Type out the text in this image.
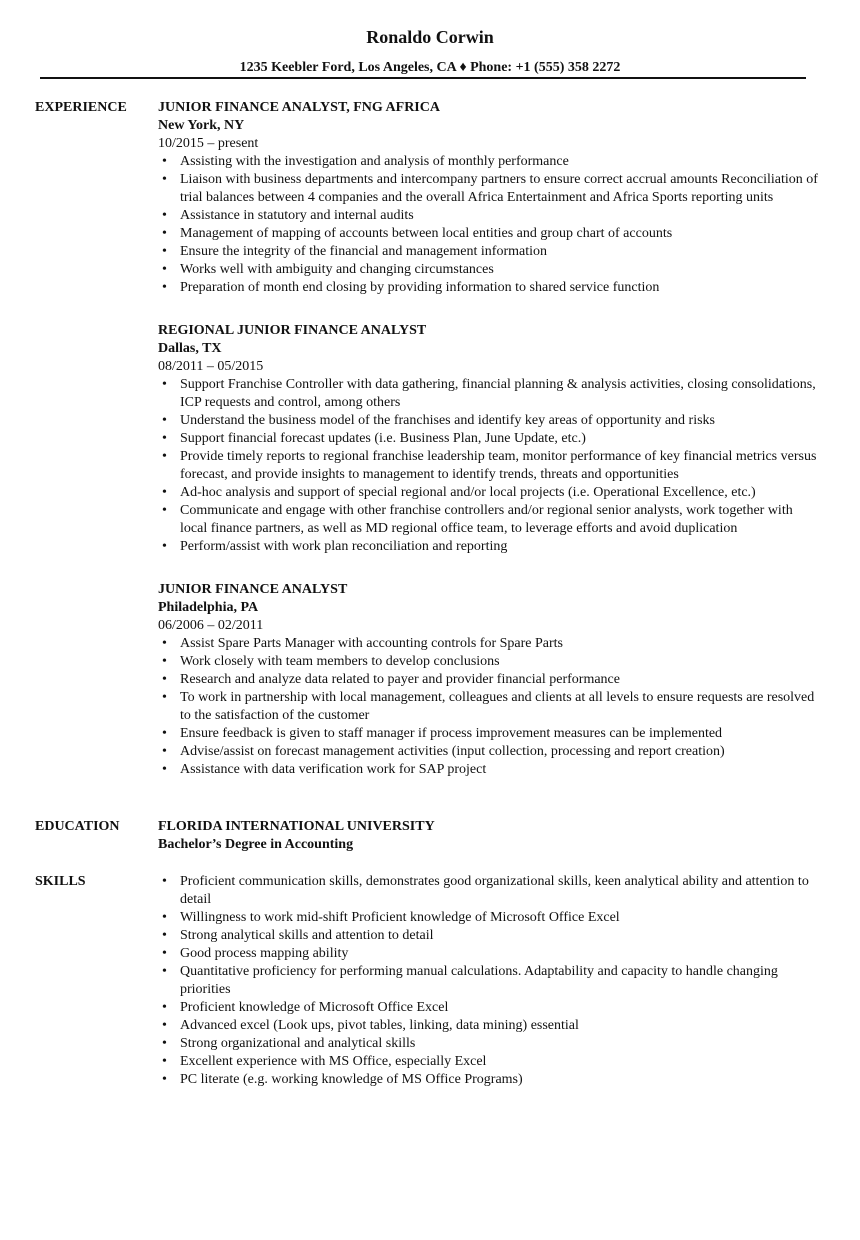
Ronaldo Corwin
1235 Keebler Ford, Los Angeles, CA ♦ Phone: +1 (555) 358 2272
EXPERIENCE JUNIOR FINANCE ANALYST, FNG AFRICA
New York, NY
10/2015 – present
• Assisting with the investigation and analysis of monthly performance
• Liaison with business departments and intercompany partners to ensure correct accrual amounts Reconciliation of trial balances between 4 companies and the overall Africa Entertainment and Africa Sports reporting units
• Assistance in statutory and internal audits
• Management of mapping of accounts between local entities and group chart of accounts
• Ensure the integrity of the financial and management information
• Works well with ambiguity and changing circumstances
• Preparation of month end closing by providing information to shared service function
REGIONAL JUNIOR FINANCE ANALYST
Dallas, TX
08/2011 – 05/2015
• Support Franchise Controller with data gathering, financial planning & analysis activities, closing consolidations, ICP requests and control, among others
• Understand the business model of the franchises and identify key areas of opportunity and risks
• Support financial forecast updates (i.e. Business Plan, June Update, etc.)
• Provide timely reports to regional franchise leadership team, monitor performance of key financial metrics versus forecast, and provide insights to management to identify trends, threats and opportunities
• Ad-hoc analysis and support of special regional and/or local projects (i.e. Operational Excellence, etc.)
• Communicate and engage with other franchise controllers and/or regional senior analysts, work together with local finance partners, as well as MD regional office team, to leverage efforts and avoid duplication
• Perform/assist with work plan reconciliation and reporting
JUNIOR FINANCE ANALYST
Philadelphia, PA
06/2006 – 02/2011
• Assist Spare Parts Manager with accounting controls for Spare Parts
• Work closely with team members to develop conclusions
• Research and analyze data related to payer and provider financial performance
• To work in partnership with local management, colleagues and clients at all levels to ensure requests are resolved to the satisfaction of the customer
• Ensure feedback is given to staff manager if process improvement measures can be implemented
• Advise/assist on forecast management activities (input collection, processing and report creation)
• Assistance with data verification work for SAP project
EDUCATION	FLORIDA INTERNATIONAL UNIVERSITY
Bachelor’s Degree in Accounting
SKILLS
•	Proficient communication skills, demonstrates good organizational skills, keen analytical ability and attention to detail
• Willingness to work mid-shift Proficient knowledge of Microsoft Office Excel
• Strong analytical skills and attention to detail
• Good process mapping ability
• Quantitative proficiency for performing manual calculations. Adaptability and capacity to handle changing priorities
• Proficient knowledge of Microsoft Office Excel
• Advanced excel (Look ups, pivot tables, linking, data mining) essential
• Strong organizational and analytical skills
• Excellent experience with MS Office, especially Excel
• PC literate (e.g. working knowledge of MS Office Programs)
